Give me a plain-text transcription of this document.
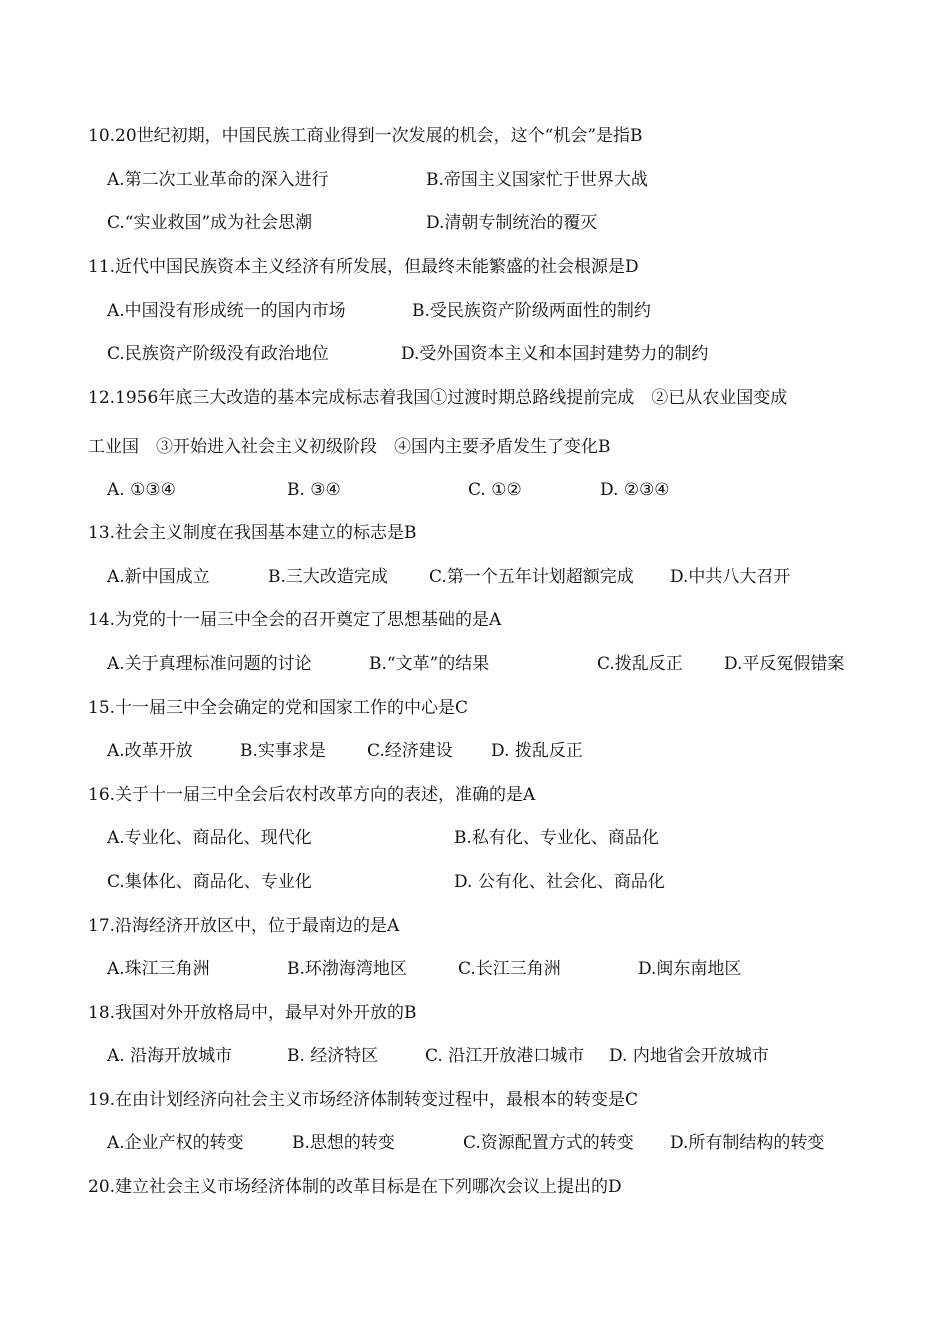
10.20世纪初期，中国民族工商业得到一次发展的机会，这个“机会”是指B
A.第二次工业革命的深入进行	B.帝国主义国家忙于世界大战
C.“实业救国”成为社会思潮	D.清朝专制统治的覆灭
11.近代中国民族资本主义经济有所发展，但最终未能繁盛的社会根源是D
A.中国没有形成统一的国内市场	B.受民族资产阶级两面性的制约
C.民族资产阶级没有政治地位	D.受外国资本主义和本国封建势力的制约
12.1956年底三大改造的基本完成标志着我国①过渡时期总路线提前完成　②已从农业国变成
工业国　③开始进入社会主义初级阶段　④国内主要矛盾发生了变化B
A. ①③④	B. ③④	C. ①②	D. ②③④
13.社会主义制度在我国基本建立的标志是B
A.新中国成立	B.三大改造完成 C.第一个五年计划超额完成 D.中共八大召开
14.为党的十一届三中全会的召开奠定了思想基础的是A
A.关于真理标准问题的讨论	B.“文革”的结果	C.拨乱反正 D.平反冤假错案
15.十一届三中全会确定的党和国家工作的中心是C
A.改革开放	B.实事求是 C.经济建设 D. 拨乱反正
16.关于十一届三中全会后农村改革方向的表述，准确的是A
A.专业化、商品化、现代化	B.私有化、专业化、商品化
C.集体化、商品化、专业化	D. 公有化、社会化、商品化
17.沿海经济开放区中，位于最南边的是A
A.珠江三角洲	B.环渤海湾地区	C.长江三角洲	D.闽东南地区
18.我国对外开放格局中，最早对外开放的B
A. 沿海开放城市	B. 经济特区	C. 沿江开放港口城市 D. 内地省会开放城市
19.在由计划经济向社会主义市场经济体制转变过程中，最根本的转变是C
A.企业产权的转变	B.思想的转变	C.资源配置方式的转变 D.所有制结构的转变
20.建立社会主义市场经济体制的改革目标是在下列哪次会议上提出的D
